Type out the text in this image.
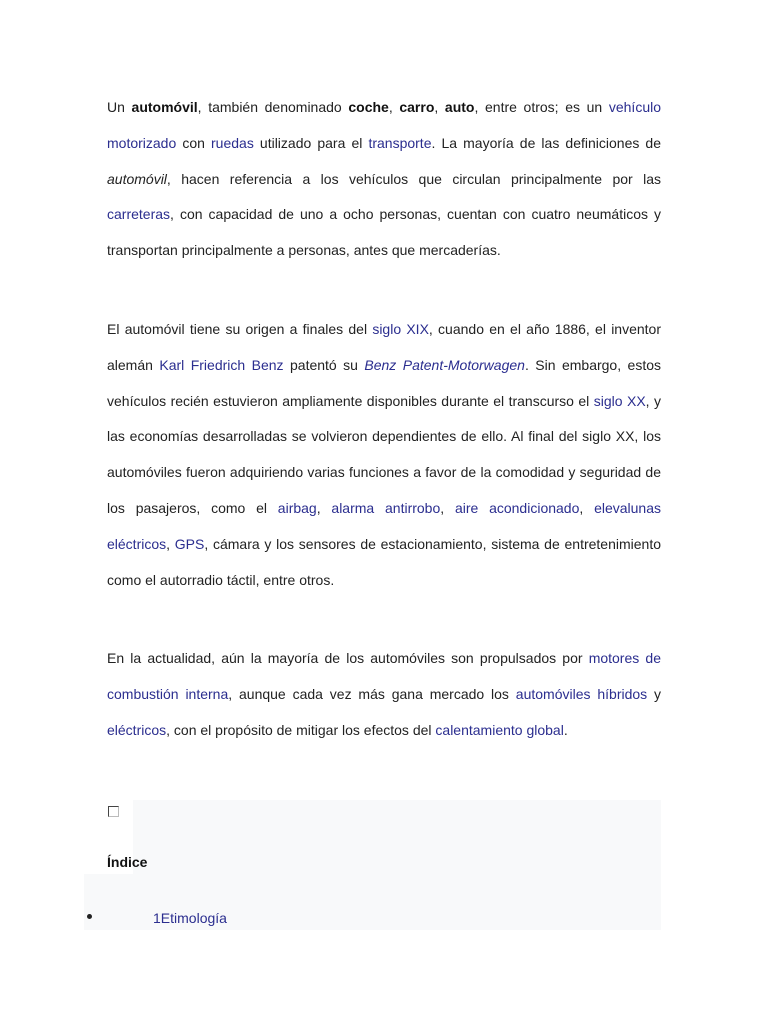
Un automóvil, también denominado coche, carro, auto, entre otros; es un vehículo motorizado con ruedas utilizado para el transporte. La mayoría de las definiciones de automóvil, hacen referencia a los vehículos que circulan principalmente por las carreteras, con capacidad de uno a ocho personas, cuentan con cuatro neumáticos y transportan principalmente a personas, antes que mercaderías.

El automóvil tiene su origen a finales del siglo XIX, cuando en el año 1886, el inventor alemán Karl Friedrich Benz patentó su Benz Patent-Motorwagen. Sin embargo, estos vehículos recién estuvieron ampliamente disponibles durante el transcurso el siglo XX, y las economías desarrolladas se volvieron dependientes de ello. Al final del siglo XX, los automóviles fueron adquiriendo varias funciones a favor de la comodidad y seguridad de los pasajeros, como el airbag, alarma antirrobo, aire acondicionado, elevalunas eléctricos, GPS, cámara y los sensores de estacionamiento, sistema de entretenimiento como el autorradio táctil, entre otros.

En la actualidad, aún la mayoría de los automóviles son propulsados por motores de combustión interna, aunque cada vez más gana mercado los automóviles híbridos y eléctricos, con el propósito de mitigar los efectos del calentamiento global.

Índice
1Etimología
